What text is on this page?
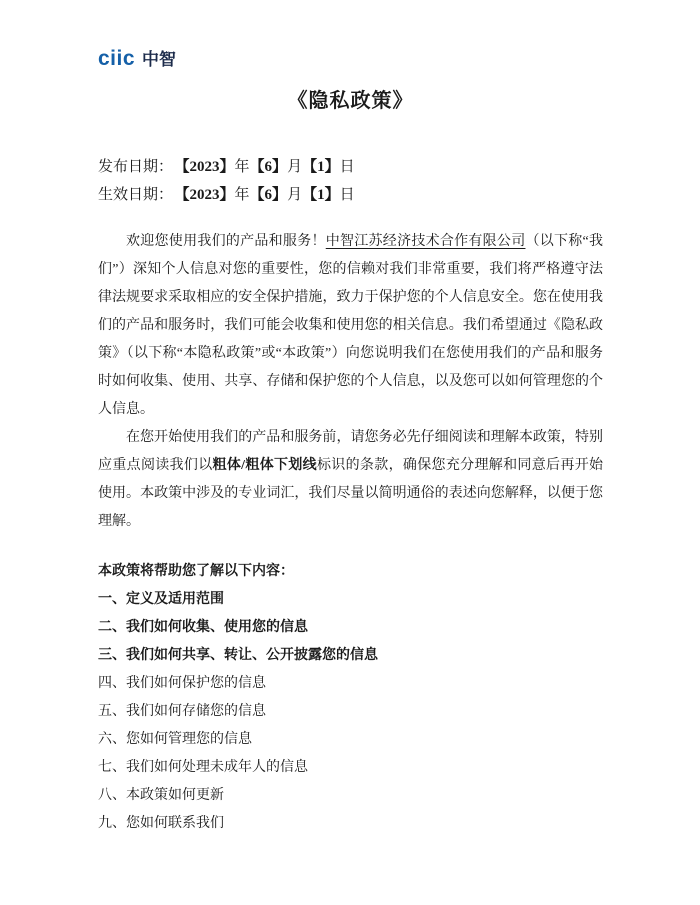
ciic 中智
《隐私政策》

发布日期： 【2023】年【6】月【1】日

生效日期： 【2023】年【6】月【1】日

欢迎您使用我们的产品和服务！中智江苏经济技术合作有限公司（以下称“我们”）深知个人信息对您的重要性，您的信赖对我们非常重要，我们将严格遵守法律法规要求采取相应的安全保护措施，致力于保护您的个人信息安全。您在使用我们的产品和服务时，我们可能会收集和使用您的相关信息。我们希望通过《隐私政策》（以下称“本隐私政策”或“本政策”）向您说明我们在您使用我们的产品和服务时如何收集、使用、共享、存储和保护您的个人信息，以及您可以如何管理您的个人信息。

在您开始使用我们的产品和服务前，请您务必先仔细阅读和理解本政策，特别应重点阅读我们以粗体/粗体下划线标识的条款，确保您充分理解和同意后再开始使用。本政策中涉及的专业词汇，我们尽量以简明通俗的表述向您解释，以便于您理解。

本政策将帮助您了解以下内容：

一、定义及适用范围

二、我们如何收集、使用您的信息

三、我们如何共享、转让、公开披露您的信息

四、我们如何保护您的信息

五、我们如何存储您的信息

六、您如何管理您的信息

七、我们如何处理未成年人的信息

八、本政策如何更新

九、您如何联系我们
